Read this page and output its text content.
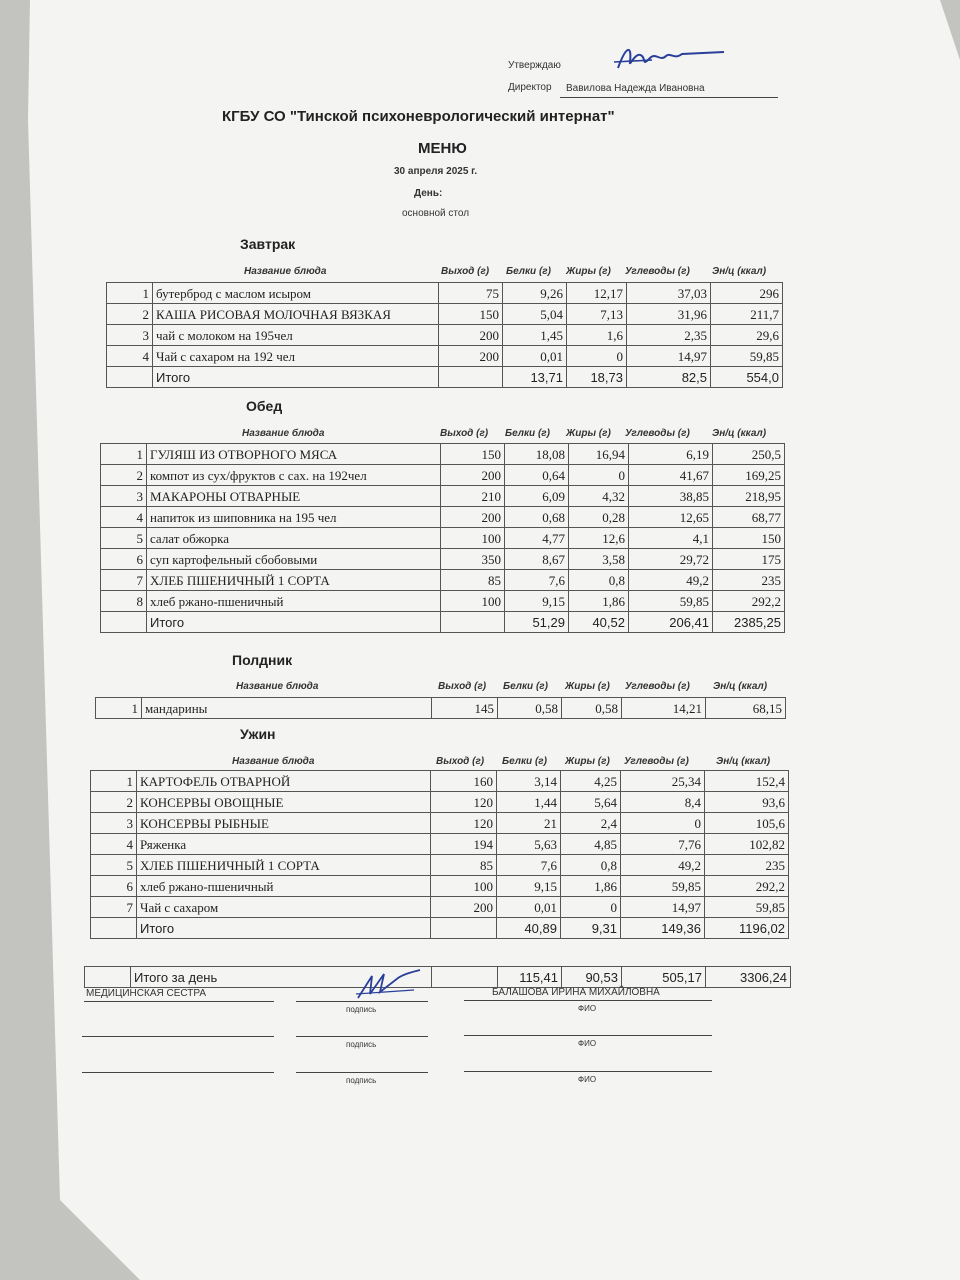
Утверждаю
Директор Вавилова Надежда Ивановна
КГБУ СО "Тинской психоневрологический интернат"
МЕНЮ
30 апреля 2025 г.
День:
основной стол
Завтрак
Название блюда	Выход (г) Белки (г) Жиры (г) Углеводы (г) Эн/ц (ккал)
1	бутерброд с маслом исыром	75	9,26	12,17	37,03	296
2	КАША РИСОВАЯ МОЛОЧНАЯ ВЯЗКАЯ	150	5,04	7,13	31,96	211,7
3	чай с молоком на 195чел	200	1,45	1,6	2,35	29,6
4	Чай с сахаром на 192 чел	200	0,01	0	14,97	59,85
	Итого		13,71	18,73	82,5	554,0
Обед
Название блюда	Выход (г) Белки (г) Жиры (г) Углеводы (г) Эн/ц (ккал)
1	ГУЛЯШ ИЗ ОТВОРНОГО МЯСА	150	18,08	16,94	6,19	250,5
2	компот из сух/фруктов с сах. на 192чел	200	0,64	0	41,67	169,25
3	МАКАРОНЫ ОТВАРНЫЕ	210	6,09	4,32	38,85	218,95
4	напиток из шиповника на 195 чел	200	0,68	0,28	12,65	68,77
5	салат обжорка	100	4,77	12,6	4,1	150
6	суп картофельный сбобовыми	350	8,67	3,58	29,72	175
7	ХЛЕБ ПШЕНИЧНЫЙ 1 СОРТА	85	7,6	0,8	49,2	235
8	хлеб ржано-пшеничный	100	9,15	1,86	59,85	292,2
	Итого		51,29	40,52	206,41	2385,25
Полдник
Название блюда	Выход (г) Белки (г) Жиры (г) Углеводы (г) Эн/ц (ккал)
1	мандарины	145	0,58	0,58	14,21	68,15
Ужин
Название блюда	Выход (г) Белки (г) Жиры (г) Углеводы (г)	Эн/ц (ккал)
1	КАРТОФЕЛЬ ОТВАРНОЙ	160	3,14	4,25	25,34	152,4
2	КОНСЕРВЫ ОВОЩНЫЕ	120	1,44	5,64	8,4	93,6
3	КОНСЕРВЫ РЫБНЫЕ	120	21	2,4	0	105,6
4	Ряженка	194	5,63	4,85	7,76	102,82
5	ХЛЕБ ПШЕНИЧНЫЙ 1 СОРТА	85	7,6	0,8	49,2	235
6	хлеб ржано-пшеничный	100	9,15	1,86	59,85	292,2
7	Чай с сахаром	200	0,01	0	14,97	59,85
	Итого		40,89	9,31	149,36	1196,02
	Итого за день		115,41	90,53	505,17	3306,24
МЕДИЦИНСКАЯ СЕСТРА
подпись
БАЛАШОВА ИРИНА МИХАЙЛОВНА
ФИО
подпись	ФИО
подпись	ФИО
